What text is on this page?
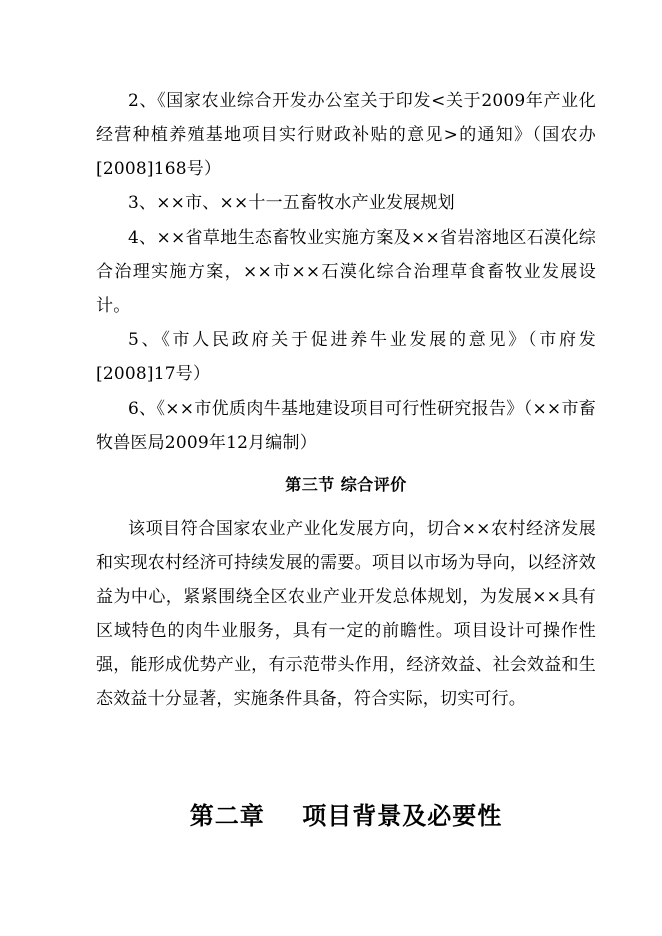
2、《国家农业综合开发办公室关于印发<关于2009年产业化经营种植养殖基地项目实行财政补贴的意见>的通知》（国农办[2008]168号）

3、××市、××十一五畜牧水产业发展规划

4、××省草地生态畜牧业实施方案及××省岩溶地区石漠化综合治理实施方案，××市××石漠化综合治理草食畜牧业发展设计。

5、《市人民政府关于促进养牛业发展的意见》（市府发[2008]17号）

6、《××市优质肉牛基地建设项目可行性研究报告》（××市畜牧兽医局2009年12月编制）

第三节 综合评价

该项目符合国家农业产业化发展方向，切合××农村经济发展和实现农村经济可持续发展的需要。项目以市场为导向，以经济效益为中心，紧紧围绕全区农业产业开发总体规划，为发展××具有区域特色的肉牛业服务，具有一定的前瞻性。项目设计可操作性强，能形成优势产业，有示范带头作用，经济效益、社会效益和生态效益十分显著，实施条件具备，符合实际，切实可行。

第二章    项目背景及必要性
